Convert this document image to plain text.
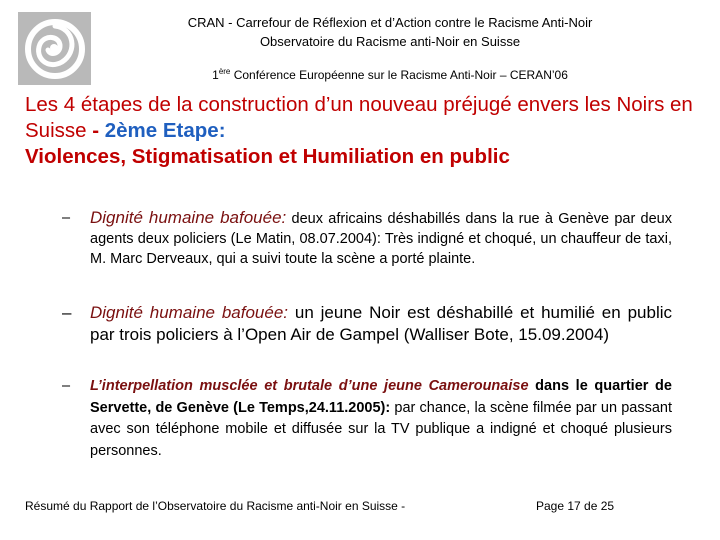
CRAN - Carrefour de Réflexion et d’Action contre le Racisme Anti-Noir
Observatoire du Racisme anti-Noir en Suisse
1ère Conférence Européenne sur le Racisme Anti-Noir – CERAN’06
Les 4 étapes de la construction d’un nouveau préjugé envers les Noirs en Suisse - 2ème Etape:
Violences, Stigmatisation et Humiliation en public
– Dignité humaine bafouée: deux africains déshabillés dans la rue à Genève par deux agents deux policiers (Le Matin, 08.07.2004): Très indigné et choqué, un chauffeur de taxi, M. Marc Derveaux, qui a suivi toute la scène a porté plainte.
– Dignité humaine bafouée: un jeune Noir est déshabillé et humilié en public par trois policiers à l’Open Air de Gampel (Walliser Bote, 15.09.2004)
– L’interpellation musclée et brutale d’une jeune Camerounaise dans le quartier de Servette, de Genève (Le Temps,24.11.2005): par chance, la scène filmée par un passant avec son téléphone mobile et diffusée sur la TV publique a indigné et choqué plusieurs personnes.
Résumé du Rapport de l’Observatoire du Racisme anti-Noir en Suisse -	Page 17 de 25
